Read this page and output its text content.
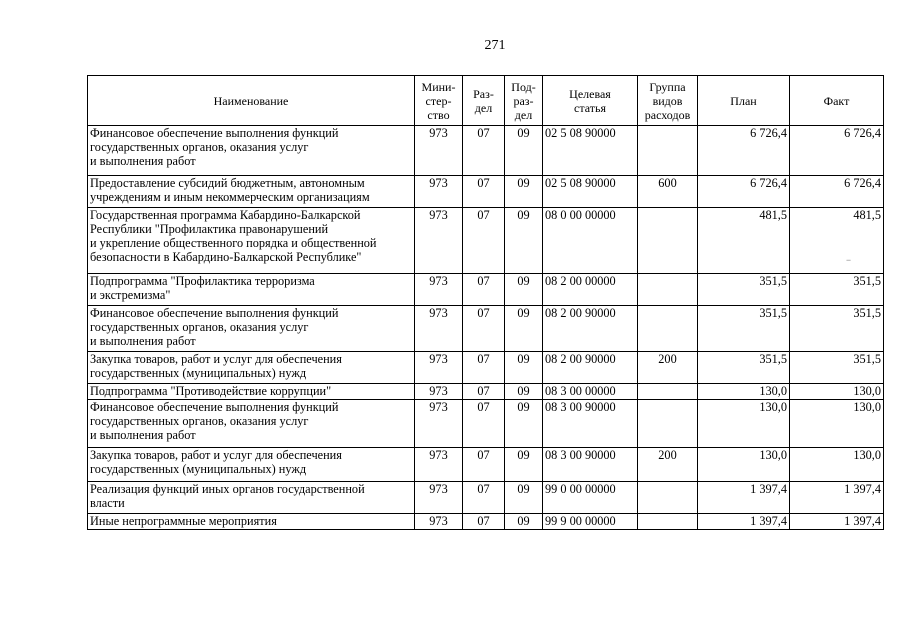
271
Наименование	Мини-
стер-
ство	Раз-
дел	Под-
раз-
дел	Целевая
статья	Группа
видов
расходов	План	Факт
Финансовое обеспечение выполнения функций
государственных органов, оказания услуг
и выполнения работ	973	07	09	02 5 08 90000		6 726,4	6 726,4
Предоставление субсидий бюджетным, автономным
учреждениям и иным некоммерческим организациям	973	07	09	02 5 08 90000	600	6 726,4	6 726,4
Государственная программа Кабардино-Балкарской
Республики "Профилактика правонарушений
и укрепление общественного порядка и общественной
безопасности в Кабардино-Балкарской Республике"	973	07	09	08 0 00 00000		481,5	481,5
Подпрограмма "Профилактика терроризма
и экстремизма"	973	07	09	08 2 00 00000		351,5	351,5
Финансовое обеспечение выполнения функций
государственных органов, оказания услуг
и выполнения работ	973	07	09	08 2 00 90000		351,5	351,5
Закупка товаров, работ и услуг для обеспечения
государственных (муниципальных) нужд	973	07	09	08 2 00 90000	200	351,5	351,5
Подпрограмма "Противодействие коррупции"	973	07	09	08 3 00 00000		130,0	130,0
Финансовое обеспечение выполнения функций
государственных органов, оказания услуг
и выполнения работ	973	07	09	08 3 00 90000		130,0	130,0
Закупка товаров, работ и услуг для обеспечения
государственных (муниципальных) нужд	973	07	09	08 3 00 90000	200	130,0	130,0
Реализация функций иных органов государственной
власти	973	07	09	99 0 00 00000		1 397,4	1 397,4
Иные непрограммные мероприятия	973	07	09	99 9 00 00000		1 397,4	1 397,4
−
